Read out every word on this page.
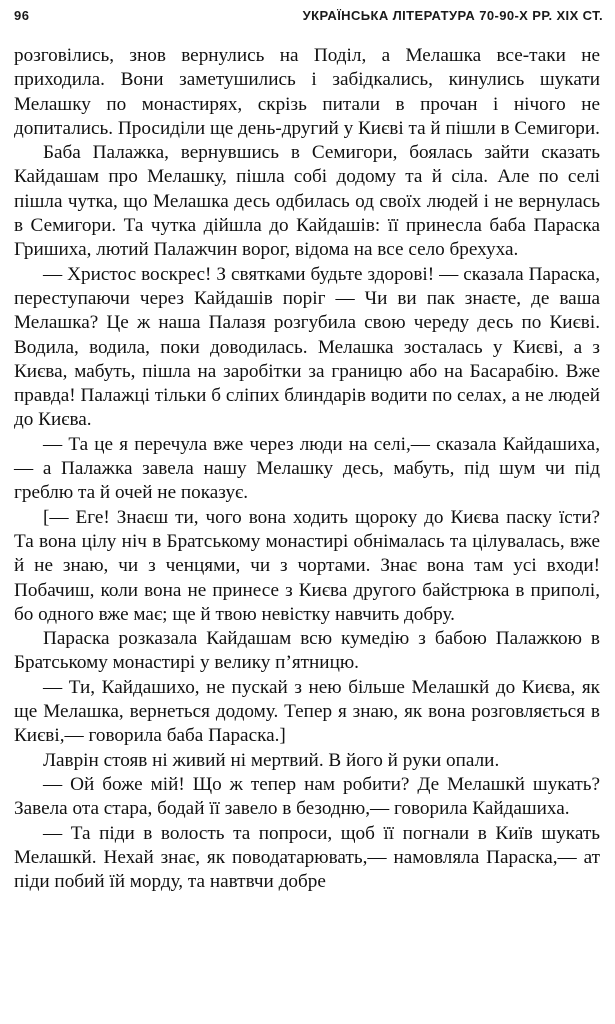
96	УКРАЇНСЬКА ЛІТЕРАТУРА 70-90-Х РР. XIX СТ.

розговілись, знов вернулись на Поділ, а Мелашка все-таки не приходила. Вони заметушились і забідкались, кинулись шукати Мелашку по монастирях, скрізь питали в прочан і нічого не допитались. Просиділи ще день-другий у Києві та й пішли в Семигори.

Баба Палажка, вернувшись в Семигори, боялась зайти сказать Кайдашам про Мелашку, пішла собі додому та й сіла. Але по селі пішла чутка, що Мелашка десь одбилась од своїх людей і не вернулась в Семигори. Та чутка дійшла до Кайдашів: її принесла баба Параска Гришиха, лютий Палажчин ворог, відома на все село брехуха.

— Христос воскрес! З святками будьте здорові! — сказала Параска, переступаючи через Кайдашів поріг — Чи ви пак знаєте, де ваша Мелашка? Це ж наша Палазя розгубила свою череду десь по Києві. Водила, водила, поки доводилась. Мелашка зосталась у Києві, а з Києва, мабуть, пішла на заробітки за границю або на Басарабію. Вже правда! Палажці тільки б сліпих блиндарів водити по селах, а не людей до Києва.

— Та це я перечула вже через люди на селі,— сказала Кайдашиха,— а Палажка завела нашу Мелашку десь, мабуть, під шум чи під греблю та й очей не показує.

[— Еге! Знаєш ти, чого вона ходить щороку до Києва паску їсти? Та вона цілу ніч в Братському монастирі обнімалась та цілувалась, вже й не знаю, чи з ченцями, чи з чортами. Знає вона там усі входи! Побачиш, коли вона не принесе з Києва другого байстрюка в приполі, бо одного вже має; ще й твою невістку навчить добру.

Параска розказала Кайдашам всю кумедію з бабою Палажкою в Братському монастирі у велику п’ятницю.

— Ти, Кайдашихо, не пускай з нею більше Мелашкй до Києва, як ще Мелашка, вернеться додому. Тепер я знаю, як вона розговляється в Києві,— говорила баба Параска.]

Лаврін стояв ні живий ні мертвий. В його й руки опали.

— Ой боже мій! Що ж тепер нам робити? Де Мелашкй шукать? Завела ота стара, бодай її завело в безодню,— говорила Кайдашиха.

— Та піди в волость та попроси, щоб її погнали в Київ шукать Мелашкй. Нехай знає, як поводатарювать,— намовляла Параска,— ат піди побий їй морду, та навтвчи добре
